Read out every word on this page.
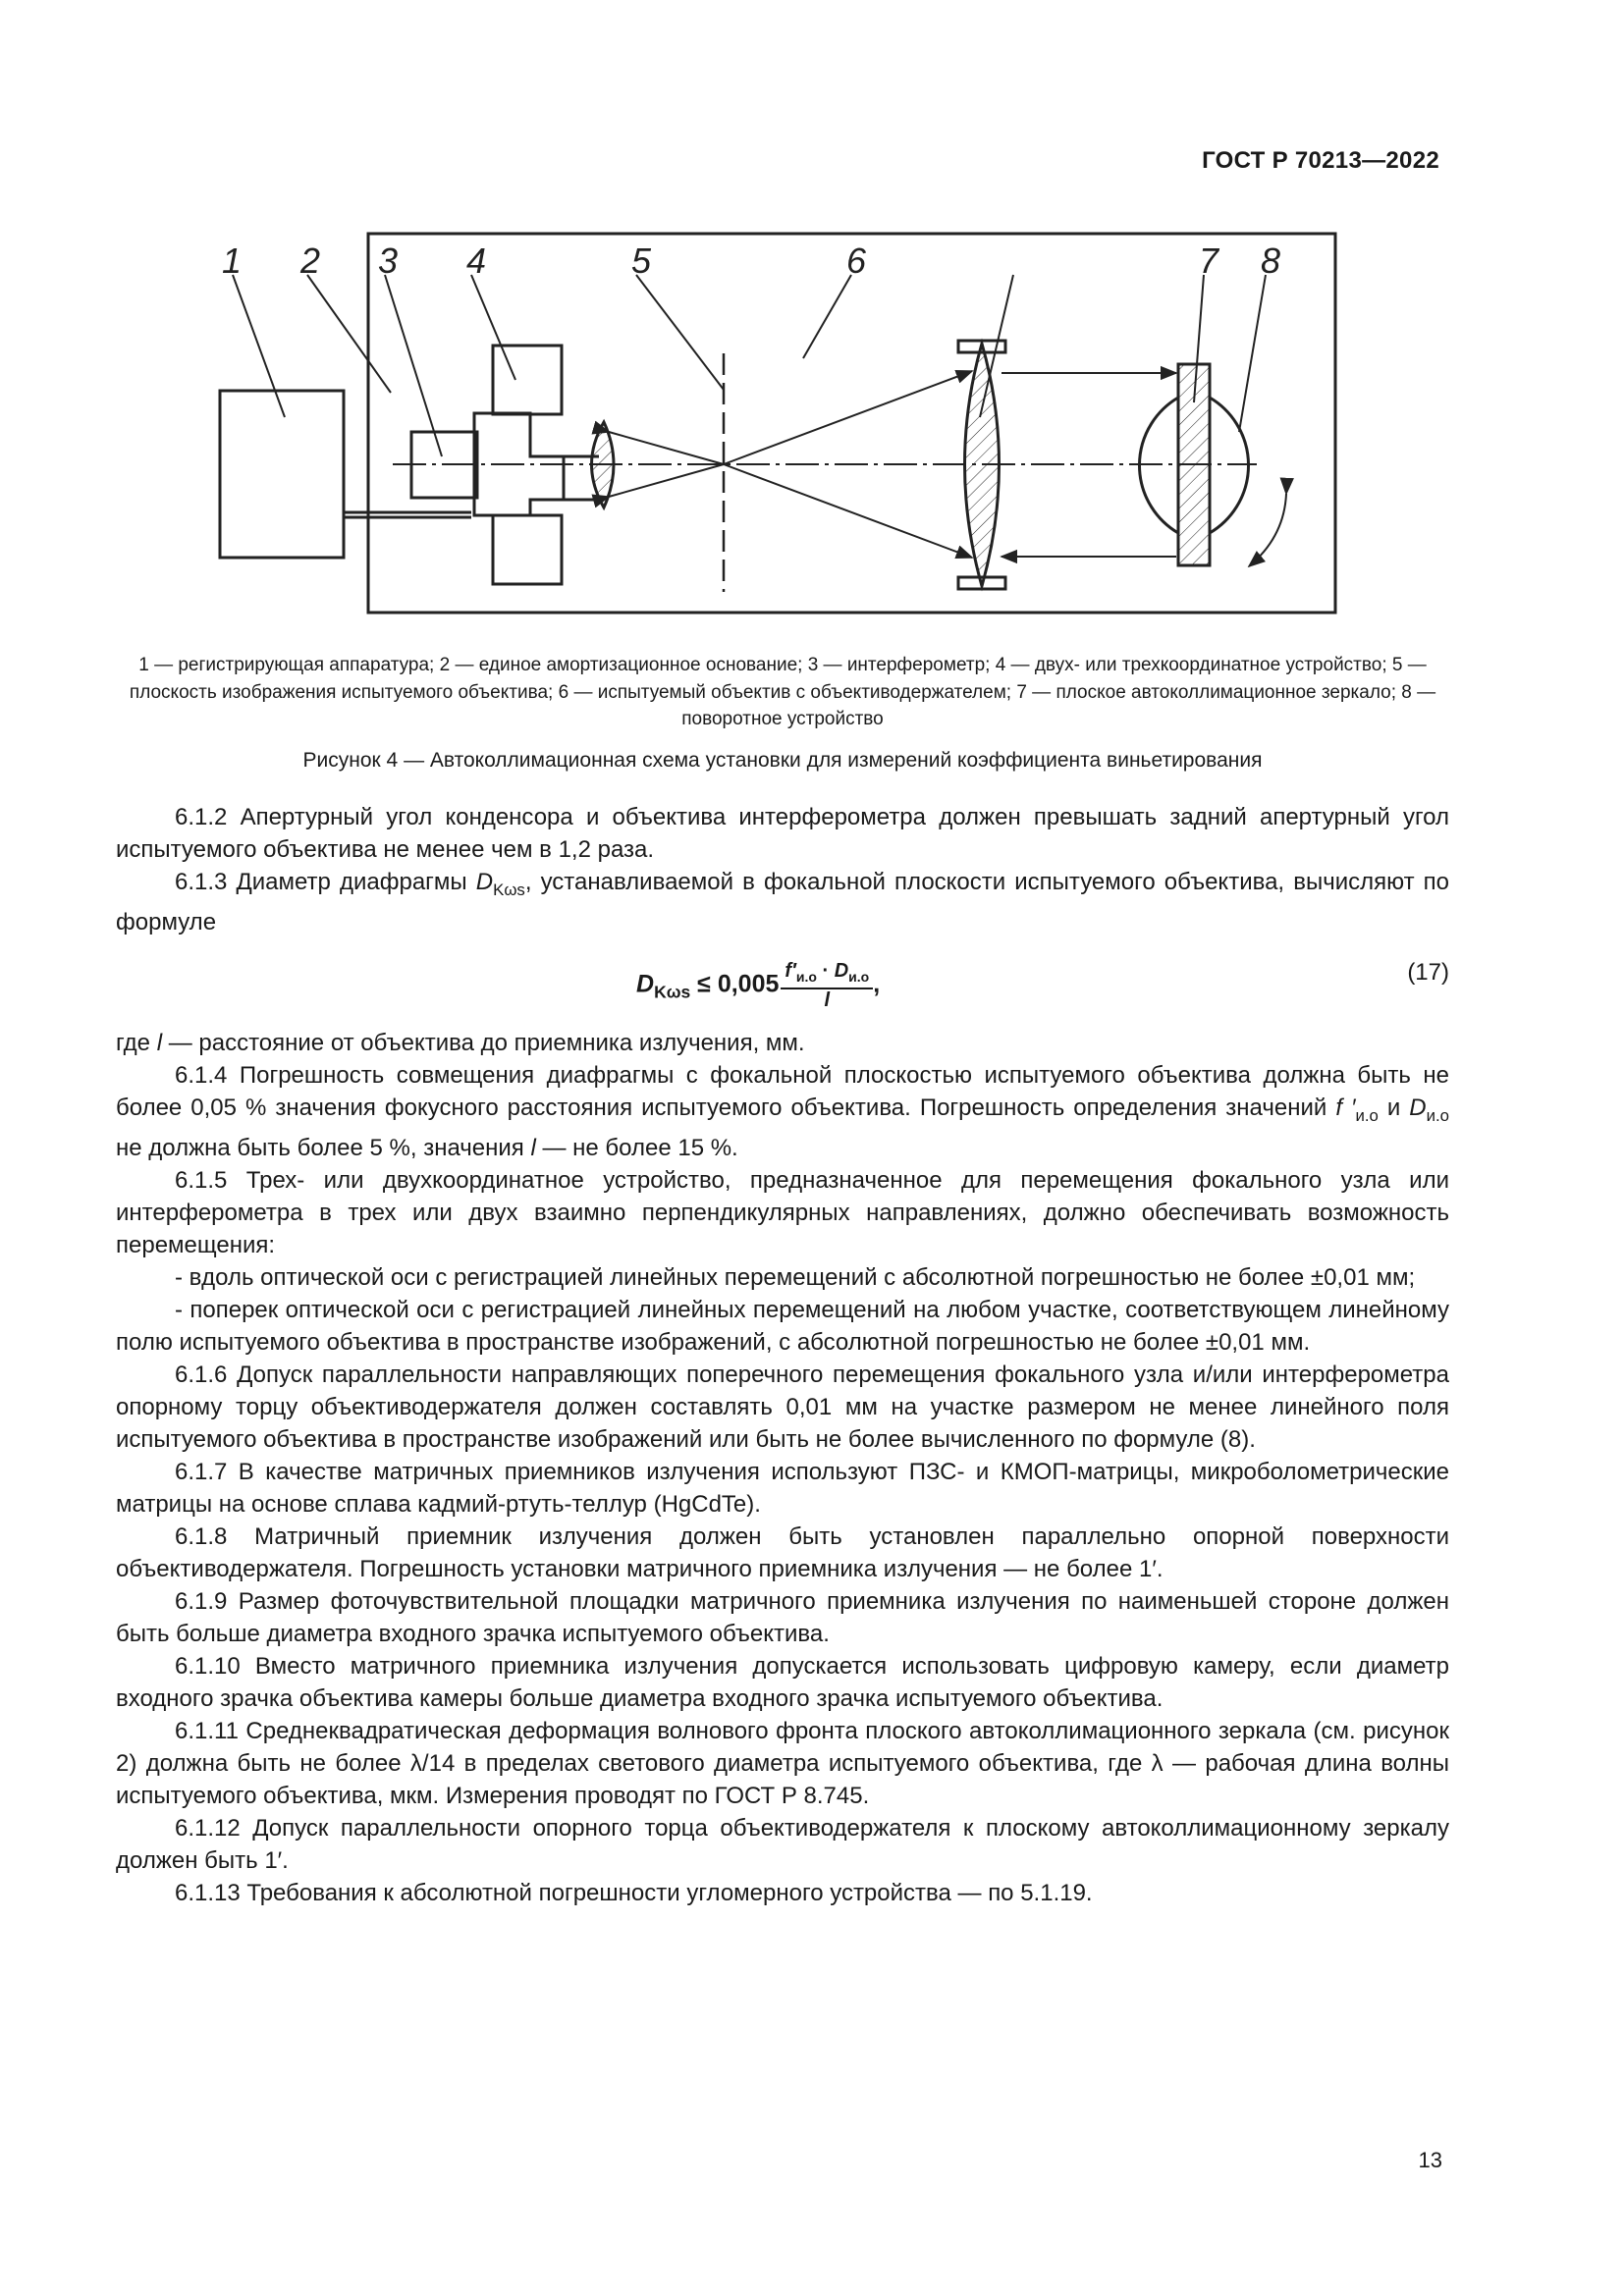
ГОСТ Р 70213—2022
1 2 3 4	5	6	7 8
1 — регистрирующая аппаратура; 2 — единое амортизационное основание; 3 — интерферометр; 4 — двух- или трехкоординатное устройство; 5 — плоскость изображения испытуемого объектива; 6 — испытуемый объектив с объективодержателем; 7 — плоское автоколлимационное зеркало; 8 — поворотное устройство
Рисунок 4 — Автоколлимационная схема установки для измерений коэффициента виньетирования

6.1.2 Апертурный угол конденсора и объектива интерферометра должен превышать задний апертурный угол испытуемого объектива не менее чем в 1,2 раза.

6.1.3 Диаметр диафрагмы $D_{K\omega s}$, устанавливаемой в фокальной плоскости испытуемого объектива, вычисляют по формуле

$D_{K\omega s} \le 0,005 \frac{f'_{и.о} \cdot D_{и.о}}{l}$ ,	(17)

где l — расстояние от объектива до приемника излучения, мм.

6.1.4 Погрешность совмещения диафрагмы с фокальной плоскостью испытуемого объектива должна быть не более 0,05 % значения фокусного расстояния испытуемого объектива. Погрешность определения значений f $'_{и.о}$ и $D_{и.о}$ не должна быть более 5 %, значения l — не более 15 %.

6.1.5 Трех- или двухкоординатное устройство, предназначенное для перемещения фокального узла или интерферометра в трех или двух взаимно перпендикулярных направлениях, должно обеспечивать возможность перемещения:

- вдоль оптической оси с регистрацией линейных перемещений с абсолютной погрешностью не более ±0,01 мм;

- поперек оптической оси с регистрацией линейных перемещений на любом участке, соответствующем линейному полю испытуемого объектива в пространстве изображений, с абсолютной погрешностью не более ±0,01 мм.

6.1.6 Допуск параллельности направляющих поперечного перемещения фокального узла и/или интерферометра опорному торцу объективодержателя должен составлять 0,01 мм на участке размером не менее линейного поля испытуемого объектива в пространстве изображений или быть не более вычисленного по формуле (8).

6.1.7 В качестве матричных приемников излучения используют ПЗС- и КМОП-матрицы, микроболометрические матрицы на основе сплава кадмий-ртуть-теллур (HgCdTe).

6.1.8 Матричный приемник излучения должен быть установлен параллельно опорной поверхности объективодержателя. Погрешность установки матричного приемника излучения — не более 1′.

6.1.9 Размер фоточувствительной площадки матричного приемника излучения по наименьшей стороне должен быть больше диаметра входного зрачка испытуемого объектива.

6.1.10 Вместо матричного приемника излучения допускается использовать цифровую камеру, если диаметр входного зрачка объектива камеры больше диаметра входного зрачка испытуемого объектива.

6.1.11 Среднеквадратическая деформация волнового фронта плоского автоколлимационного зеркала (см. рисунок 2) должна быть не более λ/14 в пределах светового диаметра испытуемого объектива, где λ — рабочая длина волны испытуемого объектива, мкм. Измерения проводят по ГОСТ Р 8.745.

6.1.12 Допуск параллельности опорного торца объективодержателя к плоскому автоколлимационному зеркалу должен быть 1′.

6.1.13 Требования к абсолютной погрешности угломерного устройства — по 5.1.19.

13
